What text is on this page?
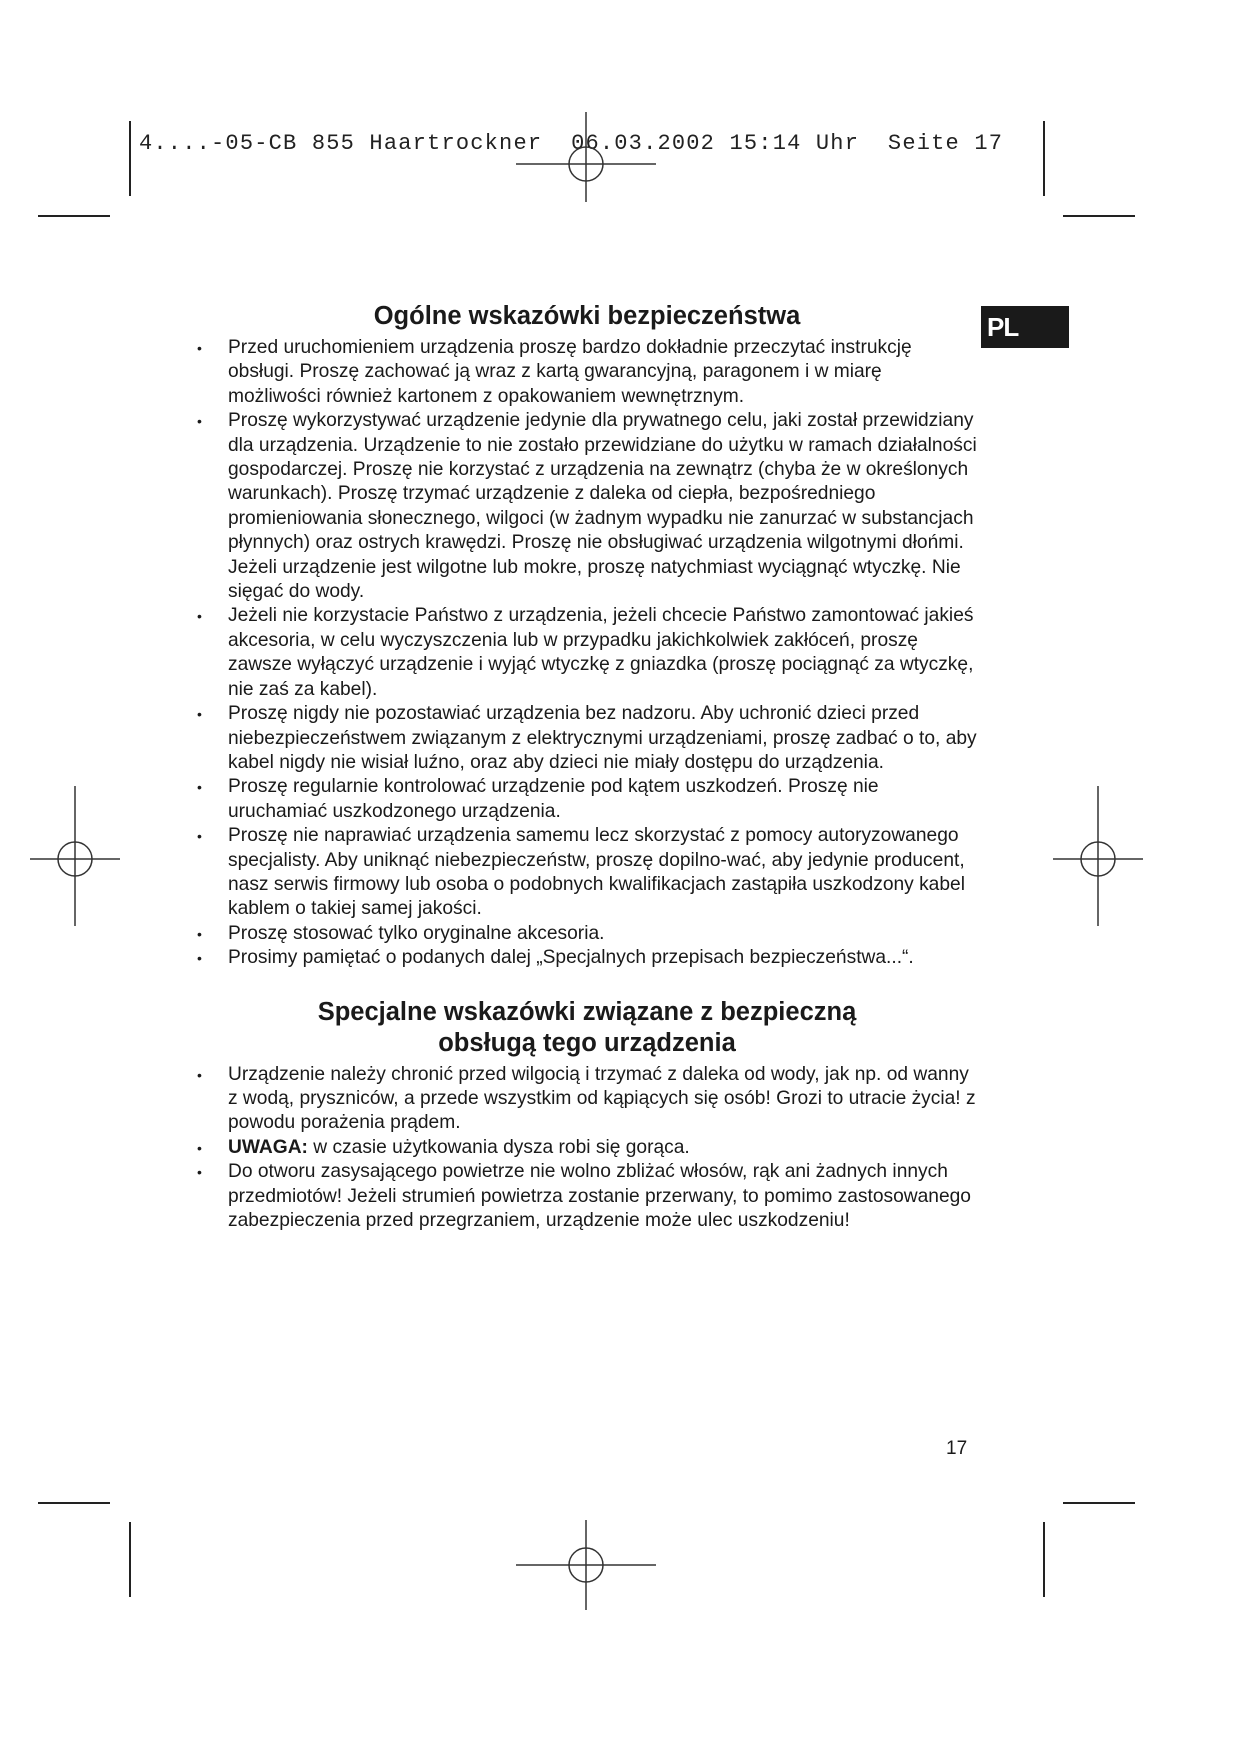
4....-05-CB 855 Haartrockner  06.03.2002 15:14 Uhr  Seite 17
PL
Ogólne wskazówki bezpieczeństwa
• Przed uruchomieniem urządzenia proszę bardzo dokładnie przeczytać instrukcję obsługi. Proszę zachować ją wraz z kartą gwarancyjną, paragonem i w miarę możliwości również kartonem z opakowaniem wewnętrznym.
• Proszę wykorzystywać urządzenie jedynie dla prywatnego celu, jaki został przewidziany dla urządzenia. Urządzenie to nie zostało przewidziane do użytku w ramach działalności gospodarczej. Proszę nie korzystać z urządzenia na zewnątrz (chyba że w określonych warunkach). Proszę trzymać urządzenie z daleka od ciepła, bezpośredniego promieniowania słonecznego, wilgoci (w żadnym wypadku nie zanurzać w substancjach płynnych) oraz ostrych krawędzi. Proszę nie obsługiwać urządzenia wilgotnymi dłońmi. Jeżeli urządzenie jest wilgotne lub mokre, proszę natychmiast wyciągnąć wtyczkę. Nie sięgać do wody.
• Jeżeli nie korzystacie Państwo z urządzenia, jeżeli chcecie Państwo zamontować jakieś akcesoria, w celu wyczyszczenia lub w przypadku jakichkolwiek zakłóceń, proszę zawsze wyłączyć urządzenie i wyjąć wtyczkę z gniazdka (proszę pociągnąć za wtyczkę, nie zaś za kabel).
• Proszę nigdy nie pozostawiać urządzenia bez nadzoru. Aby uchronić dzieci przed niebezpieczeństwem związanym z elektrycznymi urządzeniami, proszę zadbać o to, aby kabel nigdy nie wisiał luźno, oraz aby dzieci nie miały dostępu do urządzenia.
• Proszę regularnie kontrolować urządzenie pod kątem uszkodzeń. Proszę nie uruchamiać uszkodzonego urządzenia.
• Proszę nie naprawiać urządzenia samemu lecz skorzystać z pomocy autoryzowanego specjalisty. Aby uniknąć niebezpieczeństw, proszę dopilno-wać, aby jedynie producent, nasz serwis firmowy lub osoba o podobnych kwalifikacjach zastąpiła uszkodzony kabel kablem o takiej samej jakości.
• Proszę stosować tylko oryginalne akcesoria.
• Prosimy pamiętać o podanych dalej „Specjalnych przepisach bezpieczeństwa...“.
Specjalne wskazówki związane z bezpieczną
obsługą tego urządzenia
• Urządzenie należy chronić przed wilgocią i trzymać z daleka od wody, jak np. od wanny z wodą, pryszniców, a przede wszystkim od kąpiących się osób! Grozi to utracie życia! z powodu porażenia prądem.
• UWAGA: w czasie użytkowania dysza robi się gorąca.
• Do otworu zasysającego powietrze nie wolno zbliżać włosów, rąk ani żadnych innych przedmiotów! Jeżeli strumień powietrza zostanie przerwany, to pomimo zastosowanego zabezpieczenia przed przegrzaniem, urządzenie może ulec uszkodzeniu!
17
